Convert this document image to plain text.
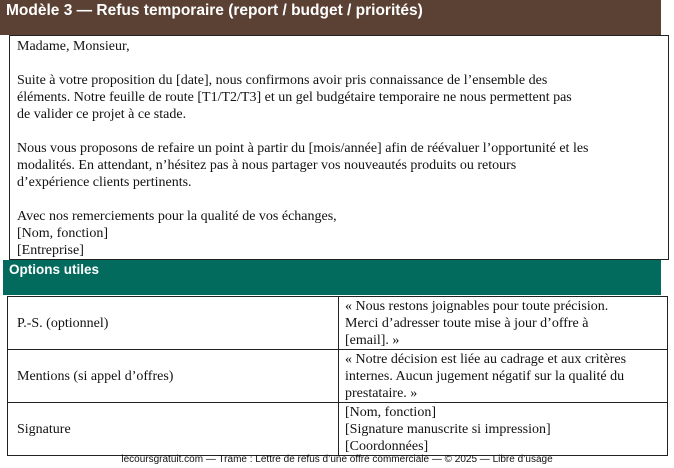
Modèle 3 — Refus temporaire (report / budget / priorités)

Madame, Monsieur,

Suite à votre proposition du [date], nous confirmons avoir pris connaissance de l’ensemble des
éléments. Notre feuille de route [T1/T2/T3] et un gel budgétaire temporaire ne nous permettent pas
de valider ce projet à ce stade.

Nous vous proposons de refaire un point à partir du [mois/année] afin de réévaluer l’opportunité et les
modalités. En attendant, n’hésitez pas à nous partager vos nouveautés produits ou retours
d’expérience clients pertinents.

Avec nos remerciements pour la qualité de vos échanges,
[Nom, fonction]
[Entreprise]

Options utiles
P.-S. (optionnel)	« Nous restons joignables pour toute précision.
Merci d’adresser toute mise à jour d’offre à
[email]. »
Mentions (si appel d’offres)	« Notre décision est liée au cadrage et aux critères
internes. Aucun jugement négatif sur la qualité du
prestataire. »
Signature	[Nom, fonction]
[Signature manuscrite si impression]
[Coordonnées]
lecoursgratuit.com — Trame : Lettre de refus d’une offre commerciale — © 2025 — Libre d’usage
